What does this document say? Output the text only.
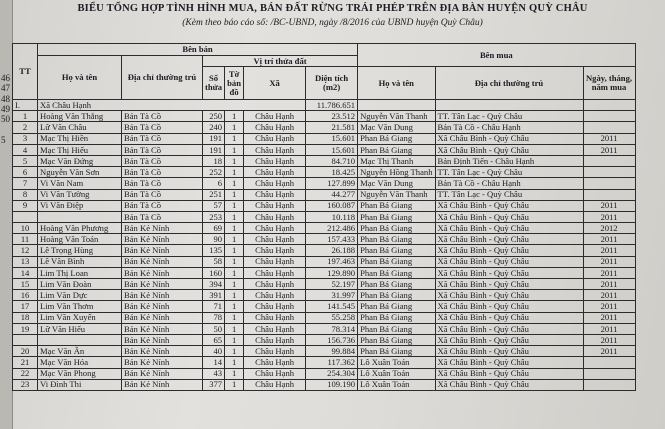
46
47
48
49
50
5
BIỂU TỔNG HỢP TÌNH HÌNH MUA, BÁN ĐẤT RỪNG TRÁI PHÉP TRÊN ĐỊA BÀN HUYỆN QUỲ CHÂU
(Kèm theo báo cáo số: /BC-UBND, ngày /8/2016 của UBND huyện Quỳ Châu)
TT	Bên bán						Bên mua		
	Họ và tên	Địa chỉ thường trú	Vị trí thửa đất						
			Số thửa	Tờ bản đồ	Xã	Diện tích (m2)	Họ và tên	Địa chỉ thường trú	Ngày, tháng, năm mua
I.	Xã Châu Hạnh					11.786.651			
1	Hoàng Văn Thắng	Bản Tà Cồ	250	1	Châu Hạnh	23.512	Nguyễn Văn Thanh	TT. Tân Lạc - Quỳ Châu	
2	Lữ Văn Châu	Bản Tà Cồ	240	1	Châu Hạnh	21.581	Mạc Văn Dung	Bản Tà Cồ - Châu Hạnh	
3	Mạc Thị Hiền	Bản Tà Cồ	191	1	Châu Hạnh	15.601	Phan Bá Giang	Xã Châu Bình - Quỳ Châu	2011
4	Mạc Thị Hiếu	Bản Tà Cồ	191	1	Châu Hạnh	15.601	Phan Bá Giang	Xã Châu Bình - Quỳ Châu	2011
5	Mạc Văn Đứng	Bản Tà Cồ	18	1	Châu Hạnh	84.710	Mạc Thị Thanh	Bản Định Tiến - Châu Hạnh	
6	Nguyễn Văn Sơn	Bản Tà Cồ	252	1	Châu Hạnh	18.425	Nguyễn Hồng Thanh	TT. Tân Lạc - Quỳ Châu	
7	Vi Văn Nam	Bản Tà Cồ	6	1	Châu Hạnh	127.899	Mạc Văn Dung	Bản Tà Cồ - Châu Hạnh	
8	Vi Văn Tường	Bản Tà Cồ	251	1	Châu Hạnh	44.277	Nguyễn Văn Thanh	TT. Tân Lạc - Quỳ Châu	
9	Vi Văn Điệp	Bản Tà Cồ	57	1	Châu Hạnh	160.087	Phan Bá Giang	Xã Châu Bình - Quỳ Châu	2011
		Bản Tà Cồ	253	1	Châu Hạnh	10.118	Phan Bá Giang	Xã Châu Bình - Quỳ Châu	2011
10	Hoàng Văn Phương	Bản Kẻ Nính	69	1	Châu Hạnh	212.486	Phan Bá Giang	Xã Châu Bình - Quỳ Châu	2012
11	Hoàng Văn Toán	Bản Kẻ Nính	90	1	Châu Hạnh	157.433	Phan Bá Giang	Xã Châu Bình - Quỳ Châu	2011
12	Lê Trọng Hùng	Bản Kẻ Nính	135	1	Châu Hạnh	26.188	Phan Bá Giang	Xã Châu Bình - Quỳ Châu	2011
13	Lê Văn Bình	Bản Kẻ Nính	58	1	Châu Hạnh	197.463	Phan Bá Giang	Xã Châu Bình - Quỳ Châu	2011
14	Lim Thị Loan	Bản Kẻ Nính	160	1	Châu Hạnh	129.890	Phan Bá Giang	Xã Châu Bình - Quỳ Châu	2011
15	Lim Văn Đoàn	Bản Kẻ Nính	394	1	Châu Hạnh	52.197	Phan Bá Giang	Xã Châu Bình - Quỳ Châu	2011
16	Lim Văn Dực	Bản Kẻ Nính	391	1	Châu Hạnh	31.997	Phan Bá Giang	Xã Châu Bình - Quỳ Châu	2011
17	Lim Văn Thơm	Bản Kẻ Nính	71	1	Châu Hạnh	141.545	Phan Bá Giang	Xã Châu Bình - Quỳ Châu	2011
18	Lim Văn Xuyến	Bản Kẻ Nính	78	1	Châu Hạnh	55.258	Phan Bá Giang	Xã Châu Bình - Quỳ Châu	2011
19	Lữ Văn Hiếu	Bản Kẻ Nính	50	1	Châu Hạnh	78.314	Phan Bá Giang	Xã Châu Bình - Quỳ Châu	2011
		Bản Kẻ Nính	65	1	Châu Hạnh	156.736	Phan Bá Giang	Xã Châu Bình - Quỳ Châu	2011
20	Mạc Văn Ân	Bản Kẻ Nính	40	1	Châu Hạnh	99.884	Phan Bá Giang	Xã Châu Bình - Quỳ Châu	2011
21	Mạc Văn Hóa	Bản Kẻ Nính	14	1	Châu Hạnh	117.362	Lô Xuân Toán	Xã Châu Bình - Quỳ Châu	
22	Mạc Văn Phong	Bản Kẻ Nính	43	1	Châu Hạnh	254.304	Lô Xuân Toán	Xã Châu Bình - Quỳ Châu	
23	Vi Đình Thi	Bản Kẻ Nính	377	1	Châu Hạnh	109.190	Lô Xuân Toán	Xã Châu Bình - Quỳ Châu	
